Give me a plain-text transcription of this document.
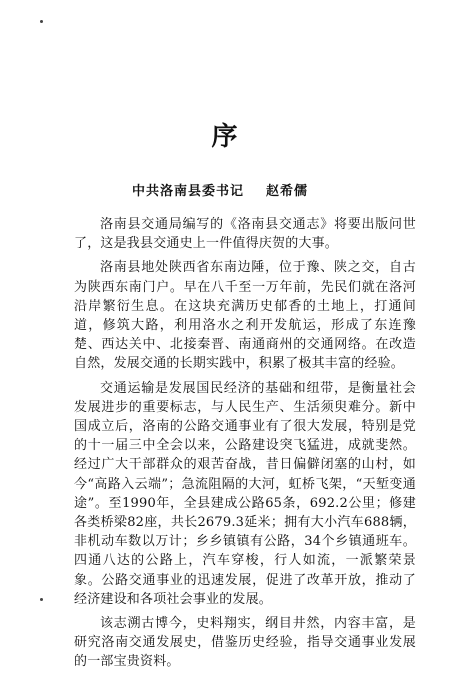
序
中共洛南县委书记 赵希儒

洛南县交通局编写的《洛南县交通志》将要出版问世了，这是我县交通史上一件值得庆贺的大事。

洛南县地处陕西省东南边陲，位于豫、陕之交，自古为陕西东南门户。早在八千至一万年前，先民们就在洛河沿岸繁衍生息。在这块充满历史郁香的土地上，打通间道，修筑大路，利用洛水之利开发航运，形成了东连豫楚、西达关中、北接秦晋、南通商州的交通网络。在改造自然，发展交通的长期实践中，积累了极其丰富的经验。

交通运输是发展国民经济的基础和纽带，是衡量社会发展进步的重要标志，与人民生产、生活须臾难分。新中国成立后，洛南的公路交通事业有了很大发展，特别是党的十一届三中全会以来，公路建设突飞猛进，成就斐然。经过广大干部群众的艰苦奋战，昔日偏僻闭塞的山村，如今“高路入云端”；急流阻隔的大河，虹桥飞架，“天堑变通途”。至1990年，全县建成公路65条，692.2公里；修建各类桥梁82座，共长2679.3延米；拥有大小汽车688辆，非机动车数以万计；乡乡镇镇有公路，34个乡镇通班车。四通八达的公路上，汽车穿梭，行人如流，一派繁荣景象。公路交通事业的迅速发展，促进了改革开放，推动了经济建设和各项社会事业的发展。

该志溯古博今，史料翔实，纲目井然，内容丰富，是研究洛南交通发展史，借鉴历史经验，指导交通事业发展的一部宝贵资料。
